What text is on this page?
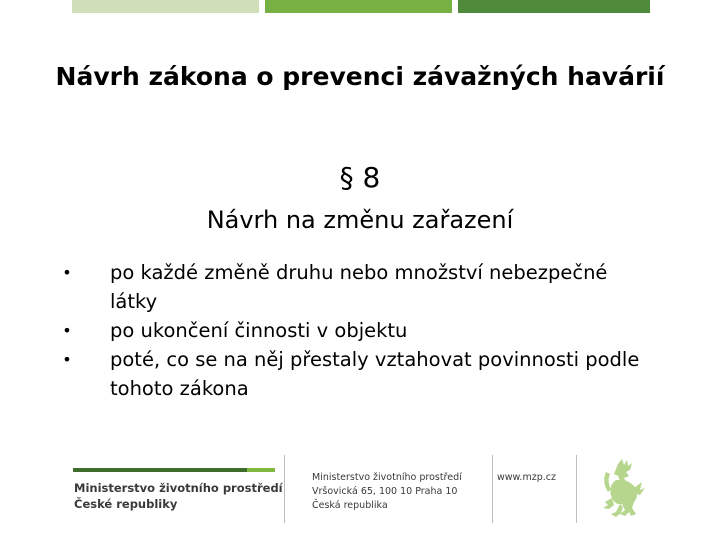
Návrh zákona o prevenci závažných havárií
§ 8
Návrh na změnu zařazení
• po každé změně druhu nebo množství nebezpečné látky
• po ukončení činnosti v objektu
• poté, co se na něj přestaly vztahovat povinnosti podle tohoto zákona
Ministerstvo životního prostředí
České republiky
Ministerstvo životního prostředí
Vršovická 65, 100 10 Praha 10
Česká republika
www.mzp.cz
